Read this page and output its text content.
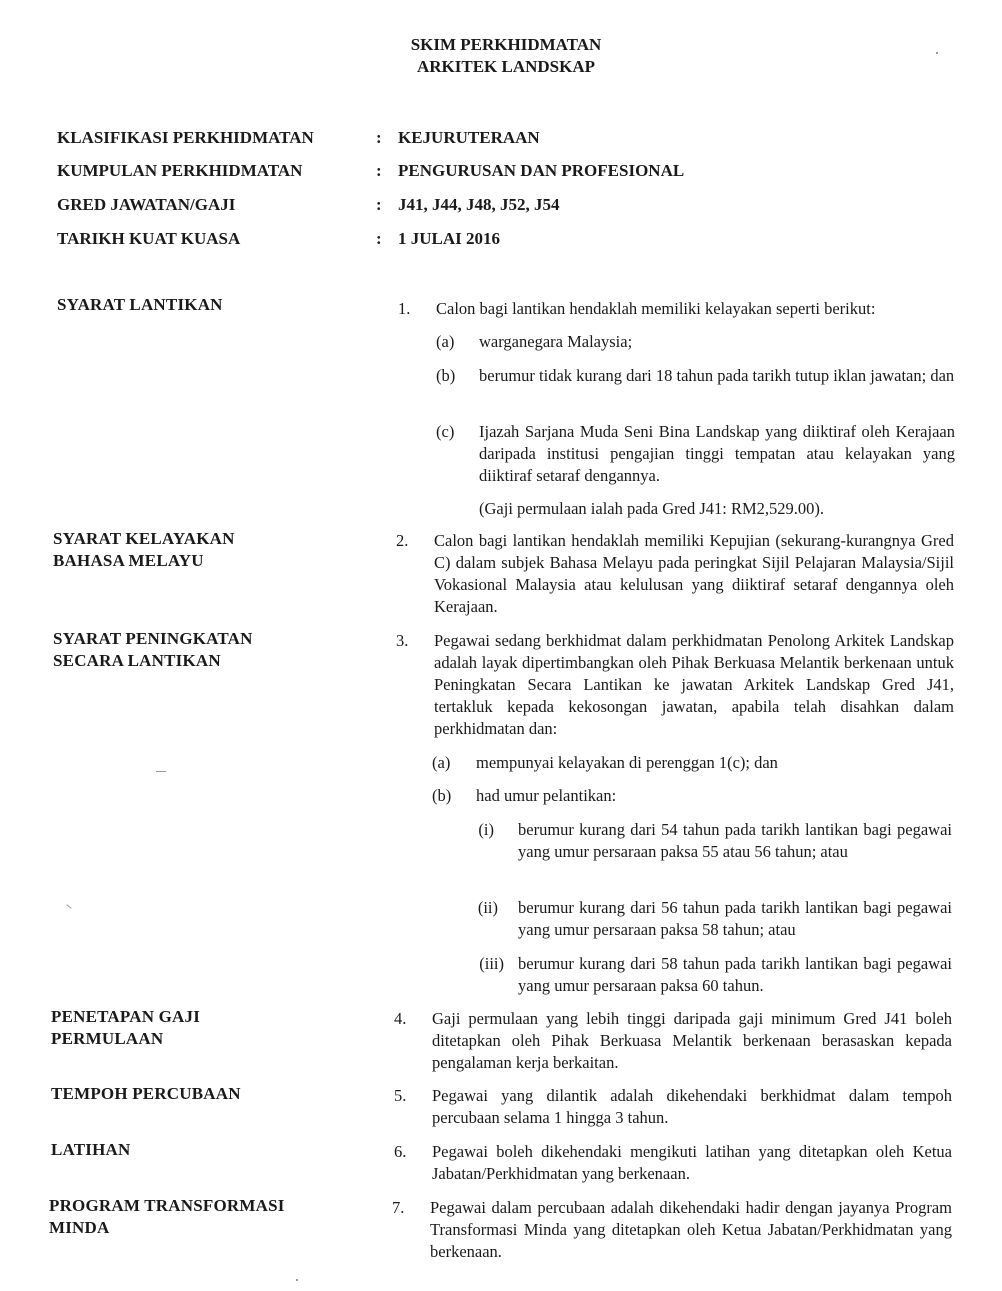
SKIM PERKHIDMATAN
ARKITEK LANDSKAP
KLASIFIKASI PERKHIDMATAN	: KEJURUTERAAN
KUMPULAN PERKHIDMATAN	: PENGURUSAN DAN PROFESIONAL
GRED JAWATAN/GAJI	: J41, J44, J48, J52, J54
TARIKH KUAT KUASA	: 1 JULAI 2016
SYARAT LANTIKAN	1. Calon bagi lantikan hendaklah memiliki kelayakan seperti berikut:
(a) warganegara Malaysia;
(b) berumur tidak kurang dari 18 tahun pada tarikh tutup iklan jawatan; dan
(c) Ijazah Sarjana Muda Seni Bina Landskap yang diiktiraf oleh Kerajaan daripada institusi pengajian tinggi tempatan atau kelayakan yang diiktiraf setaraf dengannya.
(Gaji permulaan ialah pada Gred J41: RM2,529.00).
SYARAT KELAYAKAN
BAHASA MELAYU
2. Calon bagi lantikan hendaklah memiliki Kepujian (sekurang-kurangnya Gred C) dalam subjek Bahasa Melayu pada peringkat Sijil Pelajaran Malaysia/Sijil Vokasional Malaysia atau kelulusan yang diiktiraf setaraf dengannya oleh Kerajaan.
SYARAT PENINGKATAN
SECARA LANTIKAN
3. Pegawai sedang berkhidmat dalam perkhidmatan Penolong Arkitek Landskap adalah layak dipertimbangkan oleh Pihak Berkuasa Melantik berkenaan untuk Peningkatan Secara Lantikan ke jawatan Arkitek Landskap Gred J41, tertakluk kepada kekosongan jawatan, apabila telah disahkan dalam perkhidmatan dan:
(a) mempunyai kelayakan di perenggan 1(c); dan
(b) had umur pelantikan:
(i) berumur kurang dari 54 tahun pada tarikh lantikan bagi pegawai yang umur persaraan paksa 55 atau 56 tahun; atau
(ii) berumur kurang dari 56 tahun pada tarikh lantikan bagi pegawai yang umur persaraan paksa 58 tahun; atau
(iii) berumur kurang dari 58 tahun pada tarikh lantikan bagi pegawai yang umur persaraan paksa 60 tahun.
PENETAPAN GAJI
PERMULAAN
4. Gaji permulaan yang lebih tinggi daripada gaji minimum Gred J41 boleh ditetapkan oleh Pihak Berkuasa Melantik berkenaan berasaskan kepada pengalaman kerja berkaitan.
TEMPOH PERCUBAAN	5. Pegawai yang dilantik adalah dikehendaki berkhidmat dalam tempoh percubaan selama 1 hingga 3 tahun.
LATIHAN	6. Pegawai boleh dikehendaki mengikuti latihan yang ditetapkan oleh Ketua Jabatan/Perkhidmatan yang berkenaan.
PROGRAM TRANSFORMASI
MINDA
7. Pegawai dalam percubaan adalah dikehendaki hadir dengan jayanya Program Transformasi Minda yang ditetapkan oleh Ketua Jabatan/Perkhidmatan yang berkenaan.
